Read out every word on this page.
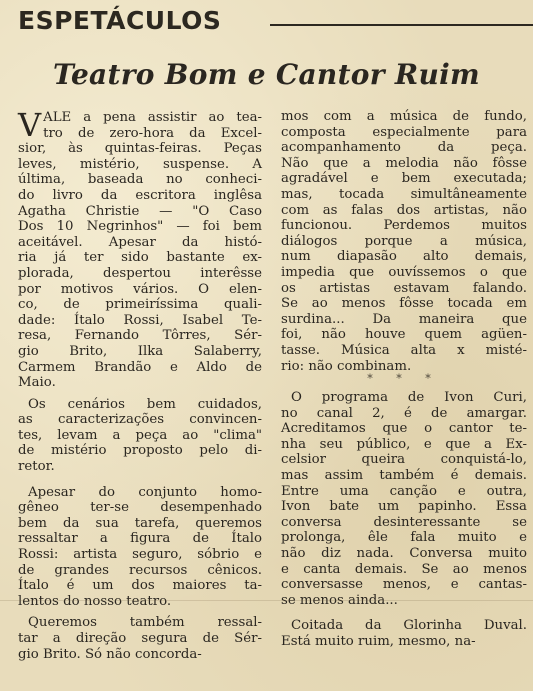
ESPETÁCULOS
Teatro Bom e Cantor Ruim
V ALE a pena assistir ao tea-
tro de zero-hora da Excel-
sior, às quintas-feiras. Peças
leves, mistério, suspense. A
última, baseada no conheci-
do livro da escritora inglêsa
Agatha Christie — "O Caso
Dos 10 Negrinhos" — foi bem
aceitável. Apesar da histó-
ria já ter sido bastante ex-
plorada, despertou interêsse
por motivos vários. O elen-
co, de primeiríssima quali-
dade: Ítalo Rossi, Isabel Te-
resa, Fernando Tôrres, Sér-
gio Brito, Ilka Salaberry,
Carmem Brandão e Aldo de
Maio.
Os cenários bem cuidados,
as caracterizações convincen-
tes, levam a peça ao "clima"
de mistério proposto pelo di-
retor.
Apesar do conjunto homo-
gêneo ter-se desempenhado
bem da sua tarefa, queremos
ressaltar a figura de Ítalo
Rossi: artista seguro, sóbrio e
de grandes recursos cênicos.
Ítalo é um dos maiores ta-
lentos do nosso teatro.
Queremos também ressal-
tar a direção segura de Sér-
gio Brito. Só não concorda-
mos com a música de fundo,
composta especialmente para
acompanhamento da peça.
Não que a melodia não fôsse
agradável e bem executada;
mas, tocada simultâneamente
com as falas dos artistas, não
funcionou. Perdemos muitos
diálogos porque a música,
num diapasão alto demais,
impedia que ouvíssemos o que
os artistas estavam falando.
Se ao menos fôsse tocada em
surdina... Da maneira que
foi, não houve quem agüen-
tasse. Música alta x misté-
rio: não combinam.
* * *
O programa de Ivon Curi,
no canal 2, é de amargar.
Acreditamos que o cantor te-
nha seu público, e que a Ex-
celsior queira conquistá-lo,
mas assim também é demais.
Entre uma canção e outra,
Ivon bate um papinho. Essa
conversa desinteressante se
prolonga, êle fala muito e
não diz nada. Conversa muito
e canta demais. Se ao menos
conversasse menos, e cantas-
se menos ainda...
Coitada da Glorinha Duval.
Está muito ruim, mesmo, na-
